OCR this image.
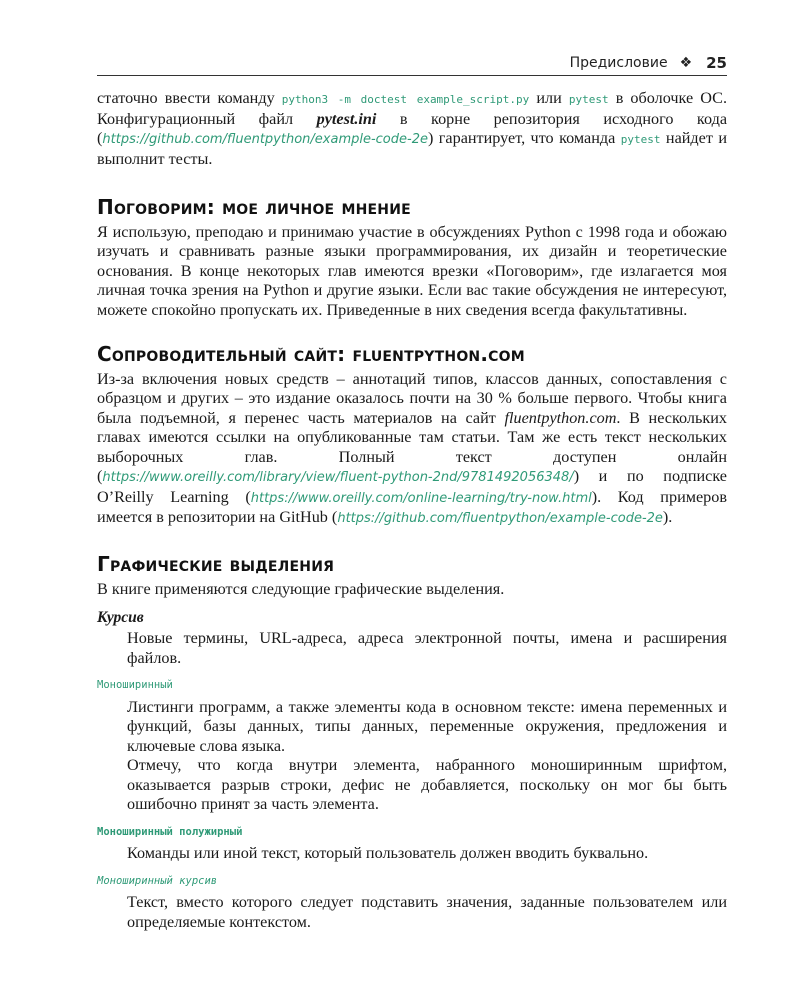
Предисловие ❖ 25

статочно ввести команду python3 -m doctest example_script.py или pytest в оболочке ОС. Конфигурационный файл pytest.ini в корне репозитория исходного кода (https://github.com/fluentpython/example-code-2e) гарантирует, что команда pytest найдет и выполнит тесты.

Поговорим: мое личное мнение

Я использую, преподаю и принимаю участие в обсуждениях Python с 1998 года и обожаю изучать и сравнивать разные языки программирования, их дизайн и теоретические основания. В конце некоторых глав имеются врезки «Поговорим», где излагается моя личная точка зрения на Python и другие языки. Если вас такие обсуждения не интересуют, можете спокойно пропускать их. Приведенные в них сведения всегда факультативны.

Сопроводительный сайт: fluentpython.com

Из-за включения новых средств – аннотаций типов, классов данных, сопоставления с образцом и других – это издание оказалось почти на 30 % больше первого. Чтобы книга была подъемной, я перенес часть материалов на сайт fluentpython.com. В нескольких главах имеются ссылки на опубликованные там статьи. Там же есть текст нескольких выборочных глав. Полный текст доступен онлайн (https://www.oreilly.com/library/view/fluent-python-2nd/9781492056348/) и по подписке O’Reilly Learning (https://www.oreilly.com/online-learning/try-now.html). Код примеров имеется в репозитории на GitHub (https://github.com/fluentpython/example-code-2e).

Графические выделения

В книге применяются следующие графические выделения.

Курсив

Новые термины, URL-адреса, адреса электронной почты, имена и расширения файлов.

Моноширинный

Листинги программ, а также элементы кода в основном тексте: имена переменных и функций, базы данных, типы данных, переменные окружения, предложения и ключевые слова языка.

Отмечу, что когда внутри элемента, набранного моноширинным шрифтом, оказывается разрыв строки, дефис не добавляется, поскольку он мог бы быть ошибочно принят за часть элемента.

Моноширинный полужирный

Команды или иной текст, который пользователь должен вводить буквально.

Моноширинный курсив

Текст, вместо которого следует подставить значения, заданные пользователем или определяемые контекстом.
